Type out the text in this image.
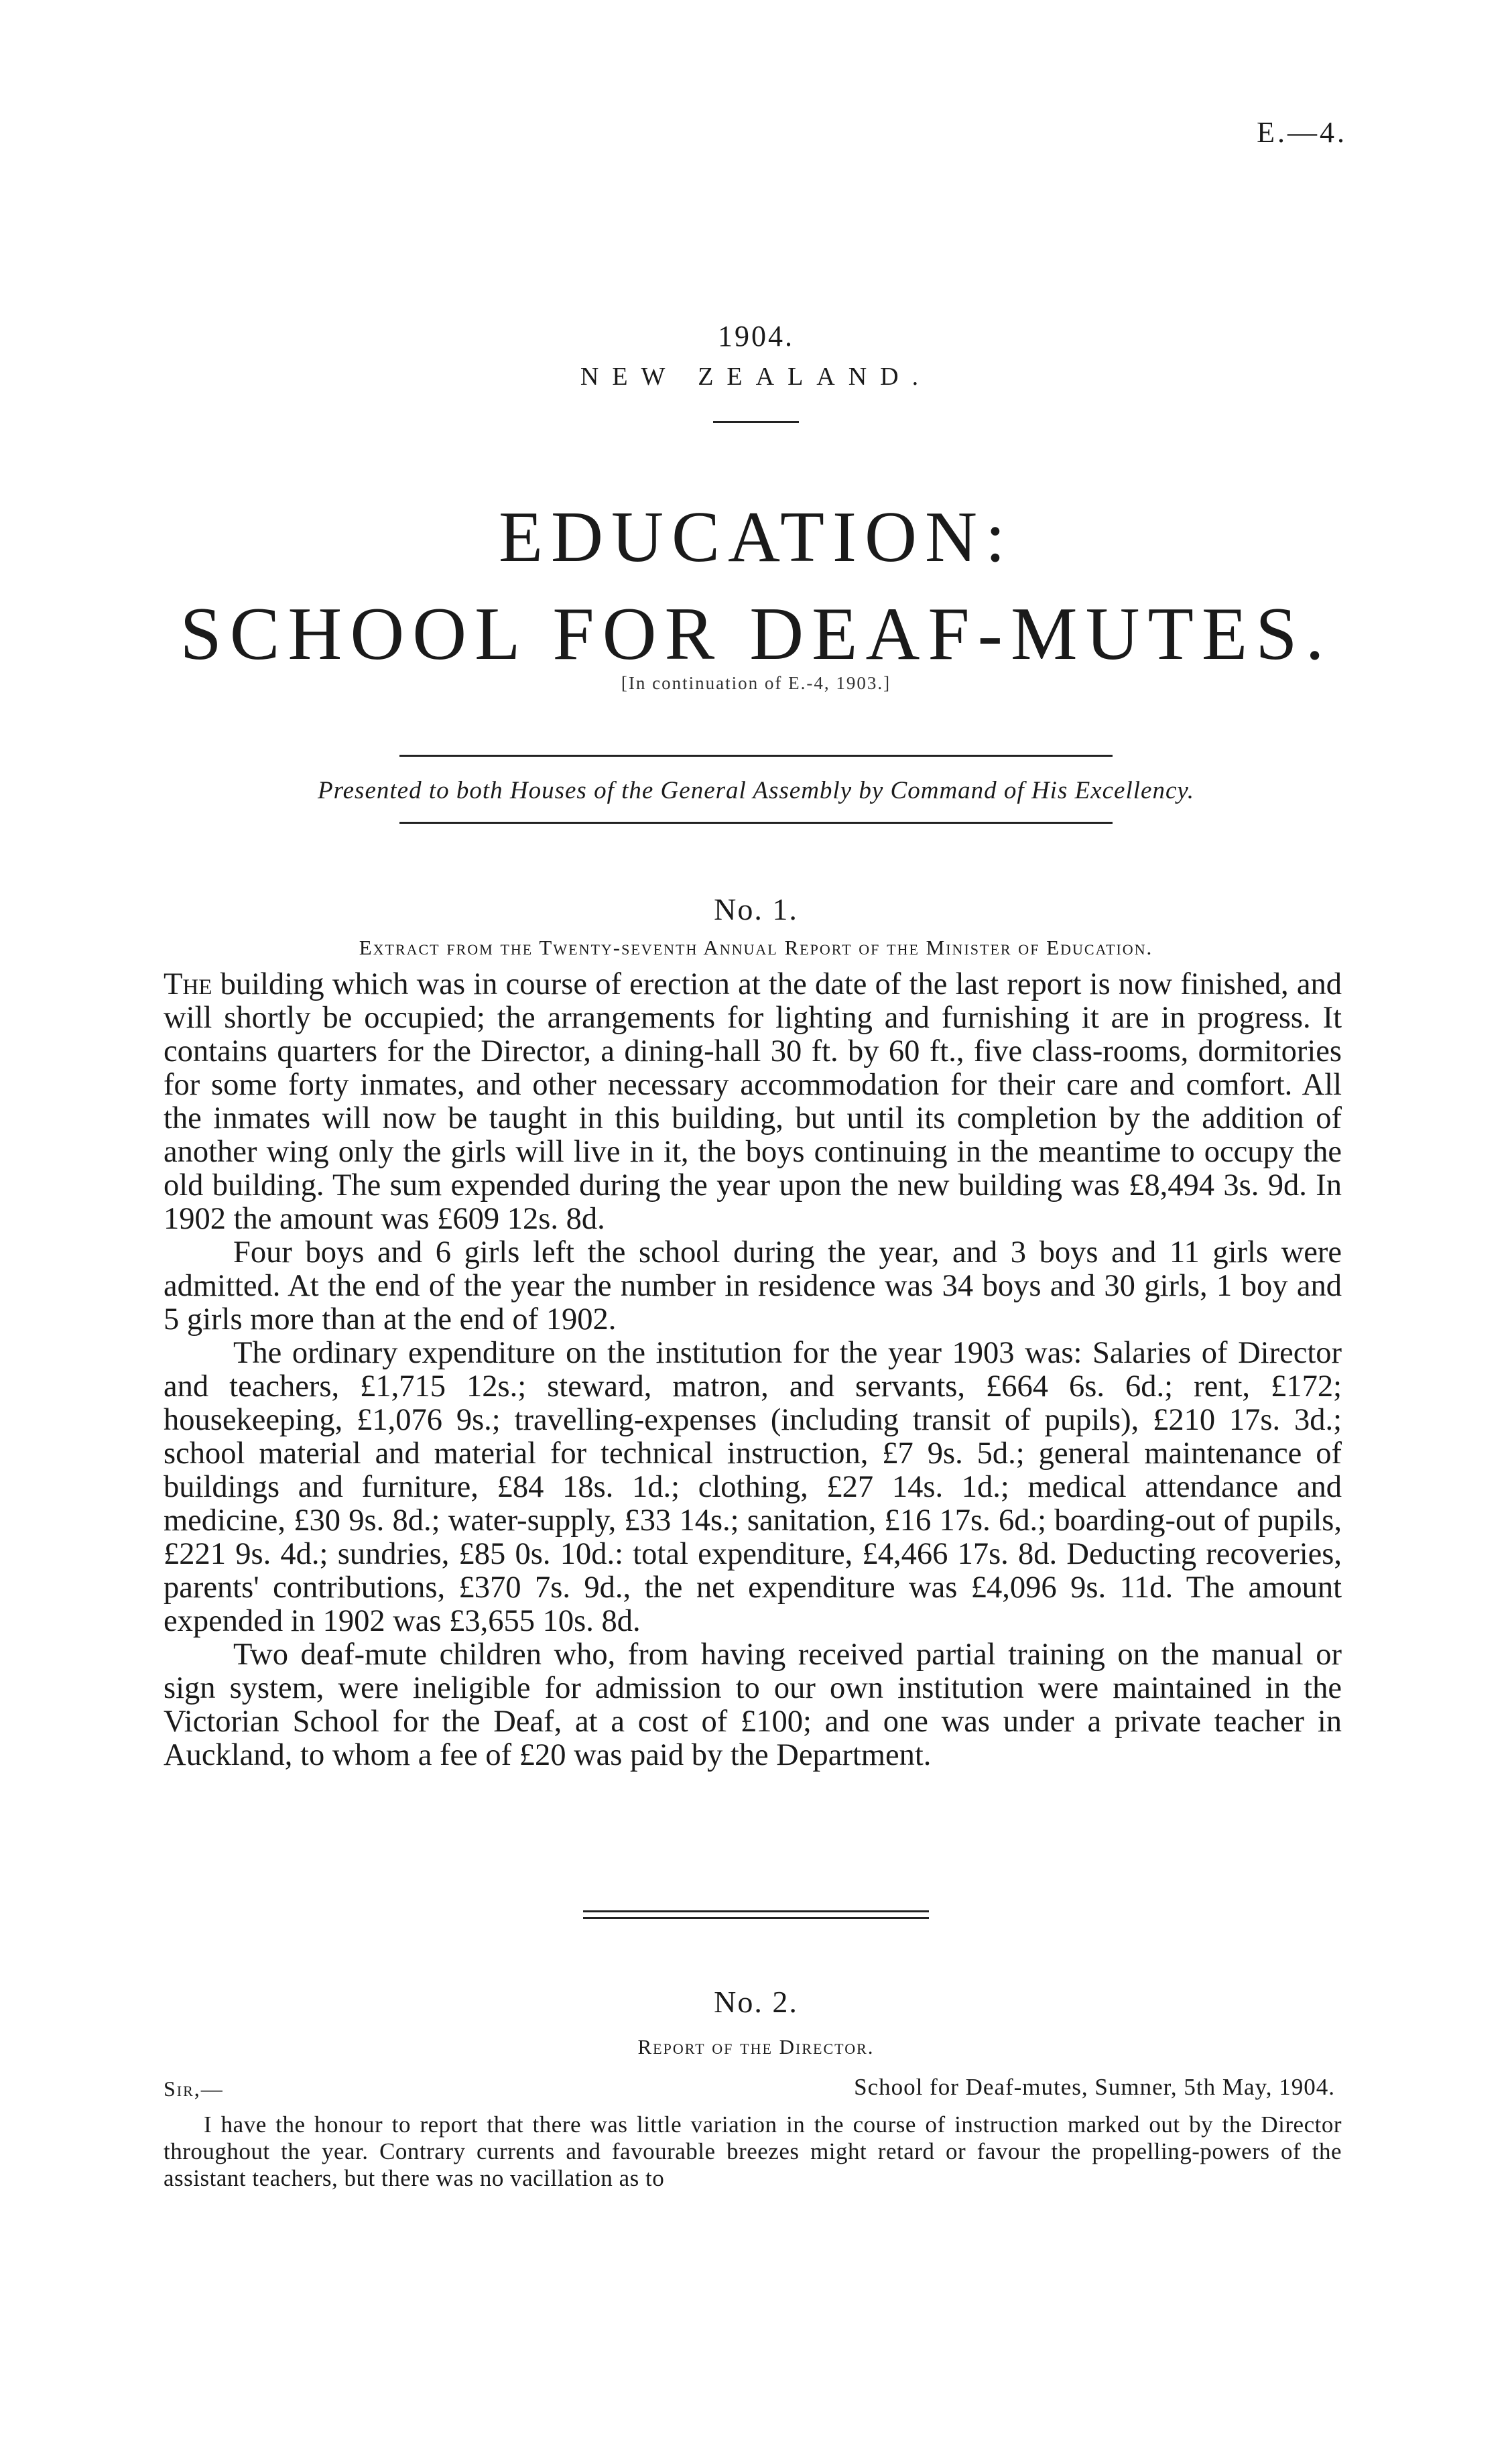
E.—4.
1904.
NEW ZEALAND.
EDUCATION:
SCHOOL FOR DEAF-MUTES.
[In continuation of E.-4, 1903.]
Presented to both Houses of the General Assembly by Command of His Excellency.
No. 1.
Extract from the Twenty-seventh Annual Report of the Minister of Education.

The building which was in course of erection at the date of the last report is now finished, and will shortly be occupied; the arrangements for lighting and furnishing it are in progress. It contains quarters for the Director, a dining-hall 30 ft. by 60 ft., five class-rooms, dormitories for some forty inmates, and other necessary accommodation for their care and comfort. All the inmates will now be taught in this building, but until its completion by the addition of another wing only the girls will live in it, the boys continuing in the meantime to occupy the old building. The sum expended during the year upon the new building was £8,494 3s. 9d. In 1902 the amount was £609 12s. 8d.

Four boys and 6 girls left the school during the year, and 3 boys and 11 girls were admitted. At the end of the year the number in residence was 34 boys and 30 girls, 1 boy and 5 girls more than at the end of 1902.

The ordinary expenditure on the institution for the year 1903 was: Salaries of Director and teachers, £1,715 12s.; steward, matron, and servants, £664 6s. 6d.; rent, £172; housekeeping, £1,076 9s.; travelling-expenses (including transit of pupils), £210 17s. 3d.; school material and material for technical instruction, £7 9s. 5d.; general maintenance of buildings and furniture, £84 18s. 1d.; clothing, £27 14s. 1d.; medical attendance and medicine, £30 9s. 8d.; water-supply, £33 14s.; sanitation, £16 17s. 6d.; boarding-out of pupils, £221 9s. 4d.; sundries, £85 0s. 10d.: total expenditure, £4,466 17s. 8d. Deducting recoveries, parents' contributions, £370 7s. 9d., the net expenditure was £4,096 9s. 11d. The amount expended in 1902 was £3,655 10s. 8d.

Two deaf-mute children who, from having received partial training on the manual or sign system, were ineligible for admission to our own institution were maintained in the Victorian School for the Deaf, at a cost of £100; and one was under a private teacher in Auckland, to whom a fee of £20 was paid by the Department.

No. 2.
Report of the Director.
Sir,—	School for Deaf-mutes, Sumner, 5th May, 1904.

I have the honour to report that there was little variation in the course of instruction marked out by the Director throughout the year. Contrary currents and favourable breezes might retard or favour the propelling-powers of the assistant teachers, but there was no vacillation as to
